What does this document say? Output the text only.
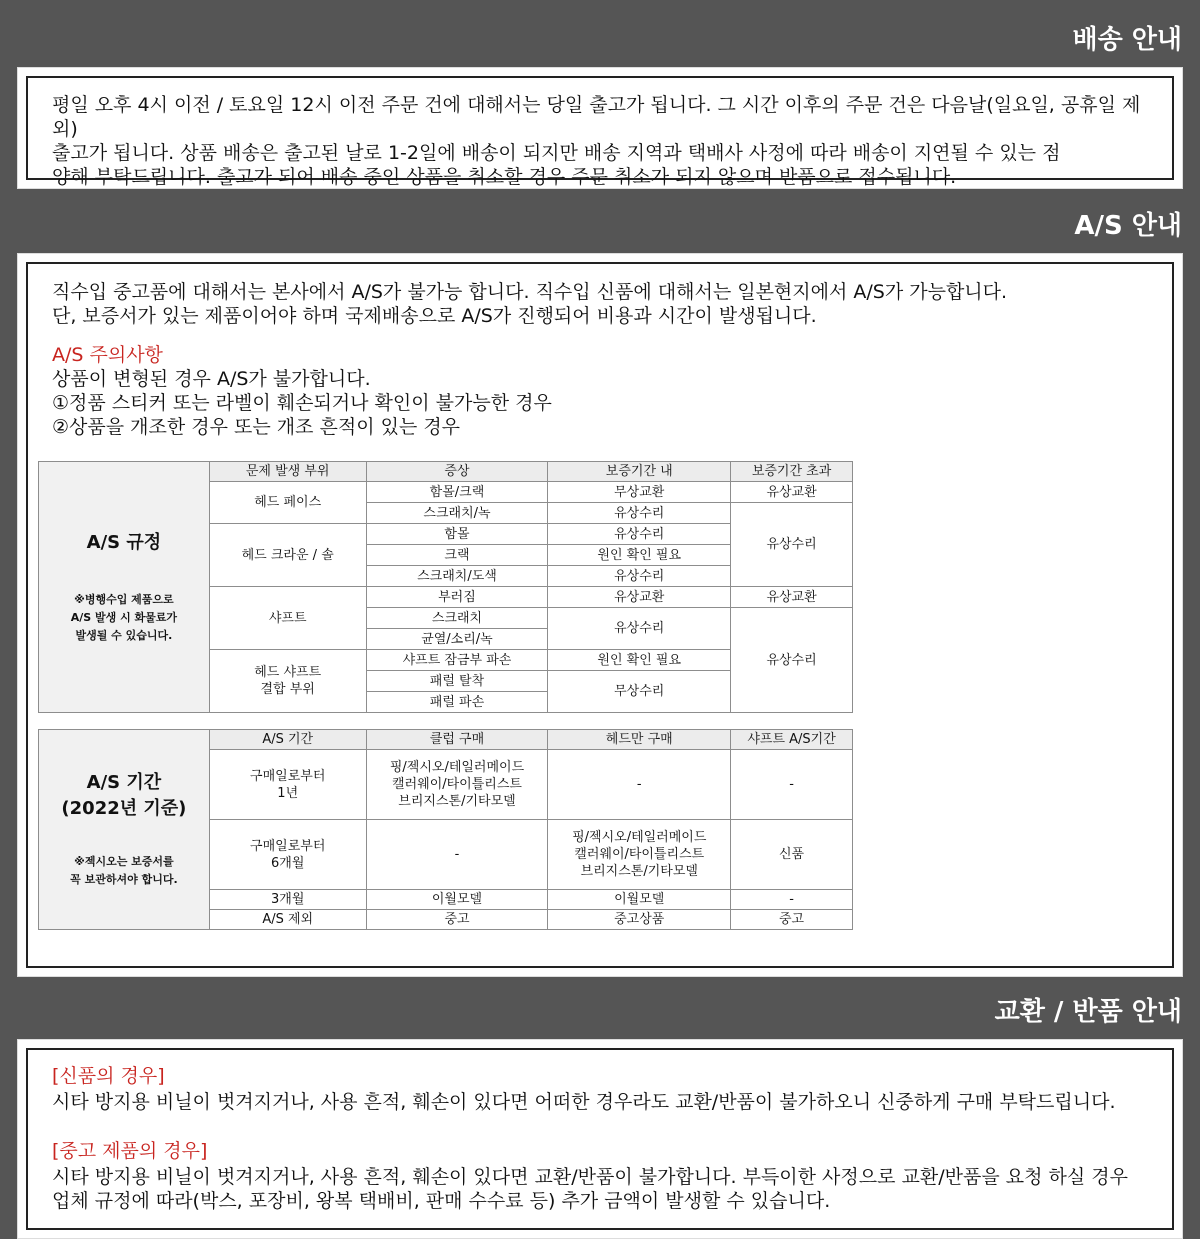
배송 안내
평일 오후 4시 이전 / 토요일 12시 이전 주문 건에 대해서는 당일 출고가 됩니다. 그 시간 이후의 주문 건은 다음날(일요일, 공휴일 제외)
출고가 됩니다. 상품 배송은 출고된 날로 1-2일에 배송이 되지만 배송 지역과 택배사 사정에 따라 배송이 지연될 수 있는 점
양해 부탁드립니다. 출고가 되어 배송 중인 상품을 취소할 경우 주문 취소가 되지 않으며 반품으로 접수됩니다.
A/S 안내
직수입 중고품에 대해서는 본사에서 A/S가 불가능 합니다. 직수입 신품에 대해서는 일본현지에서 A/S가 가능합니다.
단, 보증서가 있는 제품이어야 하며 국제배송으로 A/S가 진행되어 비용과 시간이 발생됩니다.
A/S 주의사항
상품이 변형된 경우 A/S가 불가합니다.
①정품 스티커 또는 라벨이 훼손되거나 확인이 불가능한 경우
②상품을 개조한 경우 또는 개조 흔적이 있는 경우

A/S 규정

※병행수입 제품으로
A/S 발생 시 화물료가
발생될 수 있습니다.	문제 발생 부위	증상	보증기간 내	보증기간 초과
	헤드 페이스	함몰/크랙	무상교환	유상교환
		스크래치/녹	유상수리	유상수리
	헤드 크라운 / 솔	함몰	유상수리	
		크랙	원인 확인 필요	
		스크래치/도색	유상수리	
	샤프트	부러짐	유상교환	유상교환
		스크래치	유상수리	유상수리
		균열/소리/녹		
	헤드 샤프트
결합 부위	샤프트 잠금부 파손	원인 확인 필요	
		패럴 탈착	무상수리	
		패럴 파손		

A/S 기간
(2022년 기준)

※젝시오는 보증서를
꼭 보관하셔야 합니다.	A/S 기간	클럽 구매	헤드만 구매	샤프트 A/S기간
	구매일로부터
1년	핑/젝시오/테일러메이드
캘러웨이/타이틀리스트
브리지스톤/기타모델	-	-
	구매일로부터
6개월	-	핑/젝시오/테일러메이드
캘러웨이/타이틀리스트
브리지스톤/기타모델	신품
	3개월	이월모델	이월모델	-
	A/S 제외	중고	중고상품	중고
교환 / 반품 안내
[신품의 경우]
시타 방지용 비닐이 벗겨지거나, 사용 흔적, 훼손이 있다면 어떠한 경우라도 교환/반품이 불가하오니 신중하게 구매 부탁드립니다.
[중고 제품의 경우]
시타 방지용 비닐이 벗겨지거나, 사용 흔적, 훼손이 있다면 교환/반품이 불가합니다. 부득이한 사정으로 교환/반품을 요청 하실 경우
업체 규정에 따라(박스, 포장비, 왕복 택배비, 판매 수수료 등) 추가 금액이 발생할 수 있습니다.
